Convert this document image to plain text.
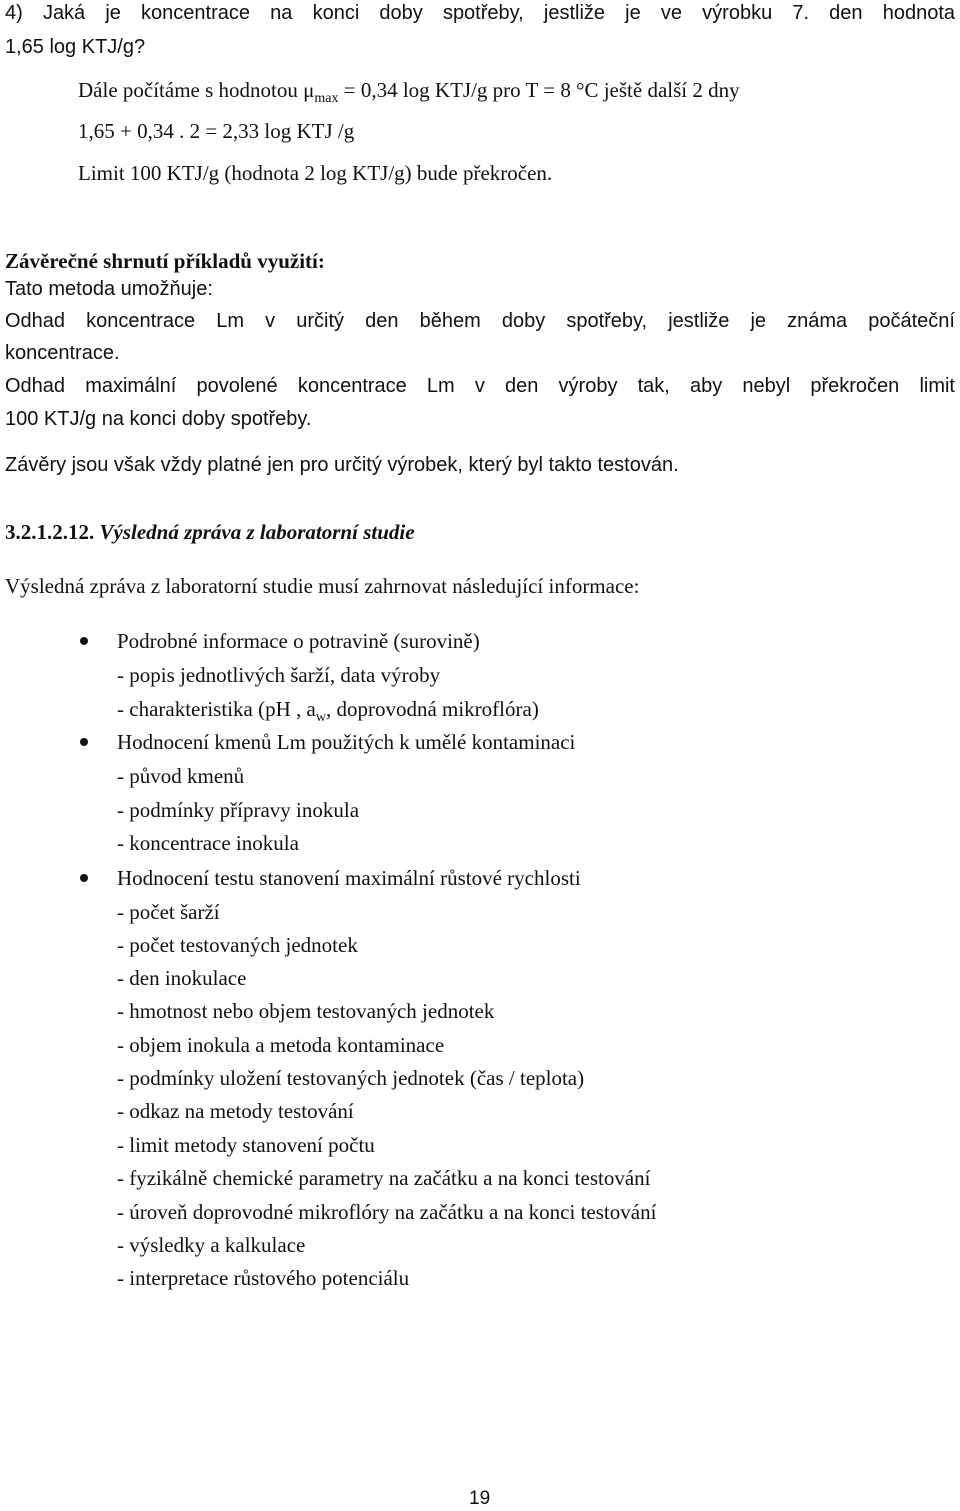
4) Jaká je koncentrace na konci doby spotřeby, jestliže je ve výrobku 7. den hodnota
1,65 log KTJ/g?
Dále počítáme s hodnotou $\mu_{max} = 0,34$ log KTJ/g pro T = 8 °C ještě další 2 dny
1,65 + 0,34 . 2 = 2,33 log KTJ /g
Limit 100 KTJ/g (hodnota 2 log KTJ/g) bude překročen.
Závěrečné shrnutí příkladů využití:
Tato metoda umožňuje:
Odhad koncentrace Lm v určitý den během doby spotřeby, jestliže je známa počáteční
koncentrace.
Odhad maximální povolené koncentrace Lm v den výroby tak, aby nebyl překročen limit
100 KTJ/g na konci doby spotřeby.
Závěry jsou však vždy platné jen pro určitý výrobek, který byl takto testován.
3.2.1.2.12. Výsledná zpráva z laboratorní studie
Výsledná zpráva z laboratorní studie musí zahrnovat následující informace:
Podrobné informace o potravině (surovině)
- popis jednotlivých šarží, data výroby
- charakteristika (pH , $a_w$, doprovodná mikroflóra)
Hodnocení kmenů Lm použitých k umělé kontaminaci
- původ kmenů
- podmínky přípravy inokula
- koncentrace inokula
Hodnocení testu stanovení maximální růstové rychlosti
- počet šarží
- počet testovaných jednotek
- den inokulace
- hmotnost nebo objem testovaných jednotek
- objem inokula a metoda kontaminace
- podmínky uložení testovaných jednotek (čas / teplota)
- odkaz na metody testování
- limit metody stanovení počtu
- fyzikálně chemické parametry na začátku a na konci testování
- úroveň doprovodné mikroflóry na začátku a na konci testování
- výsledky a kalkulace
- interpretace růstového potenciálu
19
